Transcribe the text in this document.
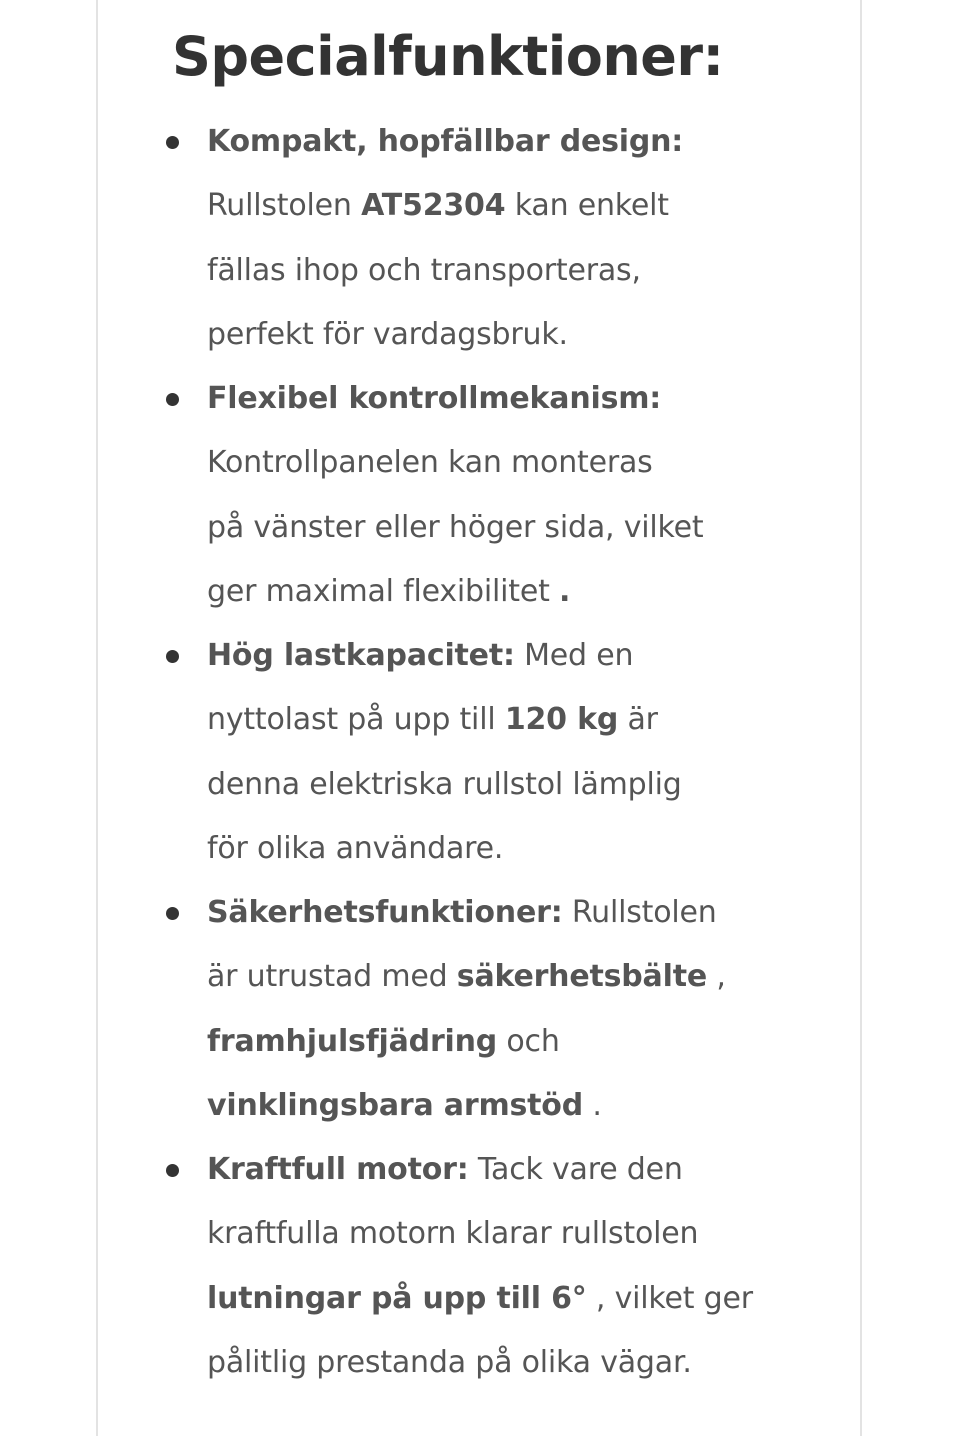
Specialfunktioner:
Kompakt, hopfällbar design:
Rullstolen AT52304 kan enkelt
fällas ihop och transporteras,
perfekt för vardagsbruk.
Flexibel kontrollmekanism:
Kontrollpanelen kan monteras
på vänster eller höger sida, vilket
ger maximal flexibilitet .
Hög lastkapacitet: Med en
nyttolast på upp till 120 kg är
denna elektriska rullstol lämplig
för olika användare.
Säkerhetsfunktioner: Rullstolen
är utrustad med säkerhetsbälte ,
framhjulsfjädring och
vinklingsbara armstöd .
Kraftfull motor: Tack vare den
kraftfulla motorn klarar rullstolen
lutningar på upp till 6° , vilket ger
pålitlig prestanda på olika vägar.
